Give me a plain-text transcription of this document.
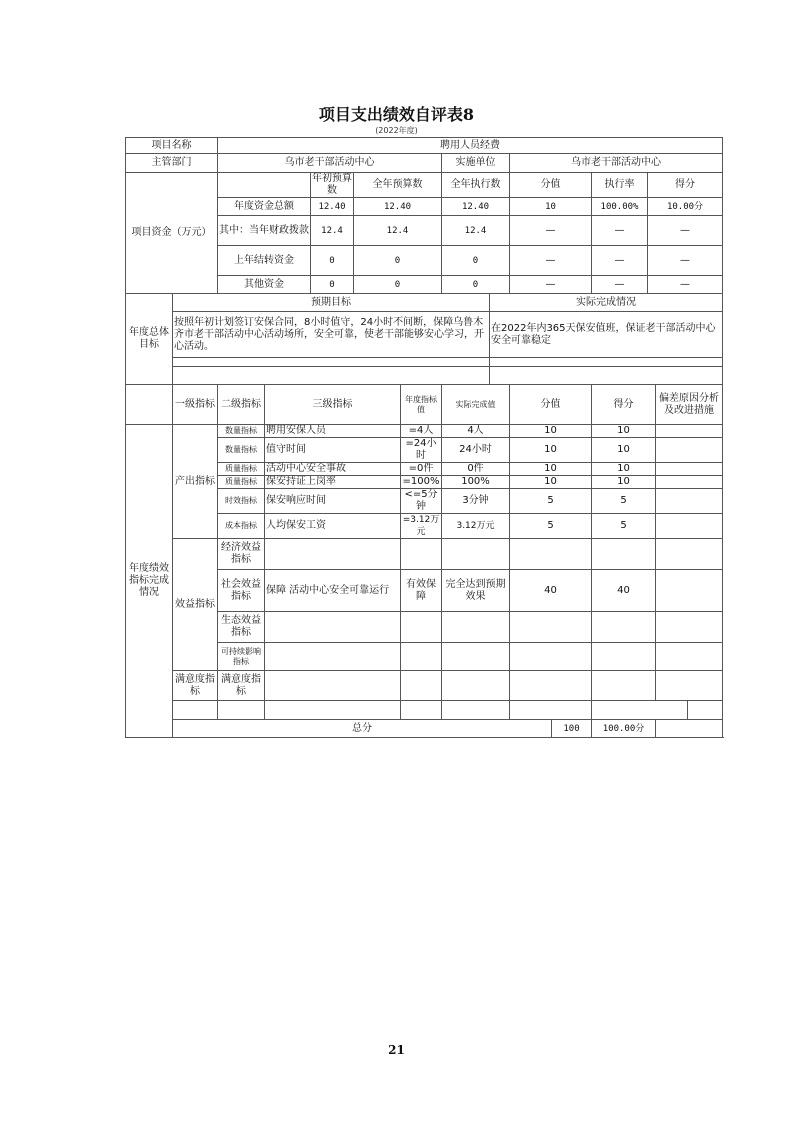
项目支出绩效自评表8
(2022年度)
项目名称		聘用人员经费												
主管部门		乌市老干部活动中心					实施单位		乌市老干部活动中心					
项目资金（万元）				年初预算数	全年预算数		全年执行数		分值		执行率	得分		
		年度资金总额		12.40	12.40		12.40		10		100.00%	10.00分		
		其中：当年财政拨款		12.4	12.4		12.4		—		—	—		
		上年结转资金		0	0		0		—		—	—		
		其他资金		0	0		0		—		—	—		
年度总体目标	预期目标							实际完成情况						
	按照年初计划签订安保合同，8小时值守，24小时不间断，保障乌鲁木齐市老干部活动中心活动场所，安全可靠，使老干部能够安心学习，开心活动。							在2022年内365天保安值班，保证老干部活动中心安全可靠稳定						

	一级指标	二级指标	三级指标			年度指标值	实际完成值		分值		得分		偏差原因分析及改进措施	
年度绩效指标完成情况	产出指标	数量指标	聘用安保人员			=4人	4人		10		10			
		数量指标	值守时间			=24小时	24小时		10		10			
		质量指标	活动中心安全事故			=0件	0件		10		10			
		质量指标	保安持证上岗率			=100%	100%		10		10			
		时效指标	保安响应时间			<=5分钟	3分钟		5		5			
		成本指标	人均保安工资			=3.12万元	3.12万元		5		5			
	效益指标	经济效益指标												
		社会效益指标	保障 活动中心安全可靠运行			有效保障	完全达到预期效果		40		40			
		生态效益指标												
		可持续影响指标												
	满意度指标	满意度指标												

	总分									100	100.00分			
21
